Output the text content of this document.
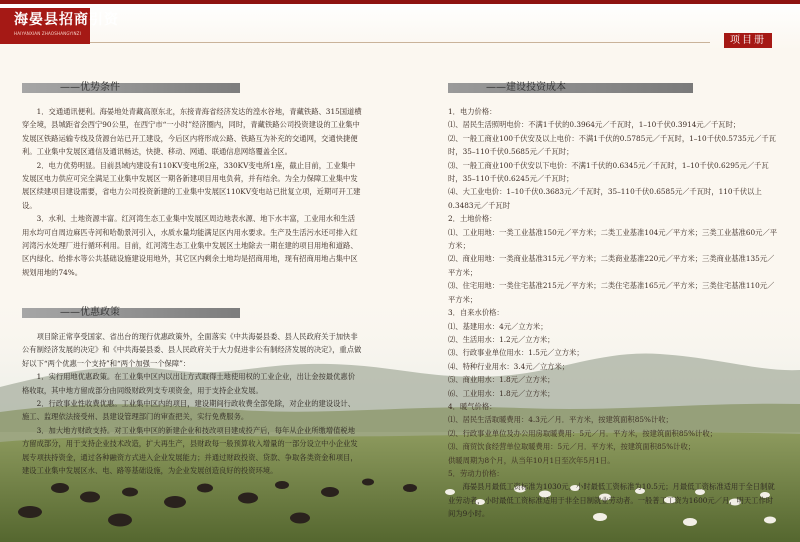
海晏县招商引资
HAIYANXIAN ZHAOSHANGYINZI
项目册
——优势条件

1．交通通讯便利。海晏地处青藏高原东北，东接青海省经济发达的湟水谷地，青藏铁路、315国道横穿全境，县城距省会西宁90公里，在西宁市“一小时”经济圈内，同时，青藏铁路公司投资建设的工业集中发展区铁路运输专线及货源台站已开工建设，今后区内将形成公路、铁路互为补充的交通网，交通快捷便利。工业集中发展区通信及通讯畅达，快捷、移动、网通、联通信息网络覆盖全区。

2．电力优势明显。目前县域内建设有110KV变电所2座，330KV变电所1座，截止目前，工业集中发展区电力供应可完全满足工业集中发展区一期各新建项目用电负荷，并有结余。为全力保障工业集中发展区续建项目建设需要，省电力公司投资新建的工业集中发展区110KV变电站已批复立项，近期可开工建设。

3．水利、土地资源丰富。红河湾生态工业集中发展区周边地表水源、地下水丰富，工业用水和生活用水均可自周边麻匹寺河和哈勒景河引入，水质水量均能满足区内用水要求。生产及生活污水还可排入红河湾污水处理厂进行循环利用。目前，红河湾生态工业集中发展区土地除去一期在建的项目用地和道路、区内绿化、给排水等公共基础设施建设用地外，其它区内剩余土地均是招商用地，现有招商用地占集中区规划用地的74%。

——优惠政策

项目除正常享受国家、省出台的现行优惠政策外，全面落实《中共海晏县委、县人民政府关于加快非公有制经济发展的决定》和《中共海晏县委、县人民政府关于大力促进非公有制经济发展的决定》，重点做好以下“两个优惠一个支持”和“两个加强一个保障”：

1．实行用地优惠政策。在工业集中区内以出让方式取得土地使用权的工业企业，出让金按最优惠价格收取，其中地方留成部分由同级财政列支专项资金，用于支持企业发展。

2．行政事业性收费优惠。工业集中区内的项目，建设期间行政收费全部免除，对企业的建设设计、施工、监理依法接受州、县建设管理部门的审查把关，实行免费服务。

3．加大地方财政支持。对工业集中区的新建企业和技改项目建成投产后，每年从企业所缴增值税地方留成部分，用于支持企业技术改造，扩大再生产，县财政每一般预算收入增量的一部分设立中小企业发展专项扶持资金，通过各种融资方式进入企业发展能力；并通过财政投资、贷款、争取各类资金和项目，建设工业集中发展区水、电、路等基础设施，为企业发展创造良好的投资环境。

——建设投资成本
1．电力价格：
⑴、居民生活照明电价：不满1千伏的0.3964元／千瓦时，1–10千伏0.3914元／千瓦时；
⑵、一般工商业100千伏安及以上电价：不满1千伏的0.5785元／千瓦时，1–10千伏0.5735元／千瓦时，35–110千伏0.5685元／千瓦时；
⑶、一般工商业100千伏安以下电价：不满1千伏的0.6345元／千瓦时，1–10千伏0.6295元／千瓦时，35–110千伏0.6245元／千瓦时；
⑷、大工业电价：1–10千伏0.3683元／千瓦时，35–110千伏0.6585元／千瓦时，110千伏以上0.3483元／千瓦时
2．土地价格：
⑴、工业用地：一类工业基准150元／平方米；二类工业基准104元／平方米；三类工业基准60元／平方米；
⑵、商业用地：一类商业基准315元／平方米；二类商业基准220元／平方米；三类商业基准135元／平方米；
⑶、住宅用地：一类住宅基准215元／平方米；二类住宅基准165元／平方米；三类住宅基准110元／平方米；
3．自来水价格：
⑴、基建用水：4元／立方米；
⑵、生活用水：1.2元／立方米；
⑶、行政事业单位用水：1.5元／立方米；
⑷、特种行业用水：3.4元／立方米；
⑸、商业用水：1.8元／立方米；
⑹、工业用水：1.8元／立方米；
4．暖气价格：
⑴、居民生活取暖费用：4.3元／月．平方米，按建筑面积85%计收；
⑵、行政事业单位及办公用房取暖费用：5元／月．平方米，按建筑面积85%计收；
⑶、商贸饮食经营单位取暖费用：5元／月．平方米，按建筑面积85%计收；
供暖周期为8个月，从当年10月1日至次年5月1日。
5．劳动力价格：

海晏县月最低工资标准为1030元，小时最低工资标准为10.5元；月最低工资标准适用于全日制就业劳动者，小时最低工资标准适用于非全日制就业劳动者。一般普工工资为1600元／月，明天工作时间为9小时。
